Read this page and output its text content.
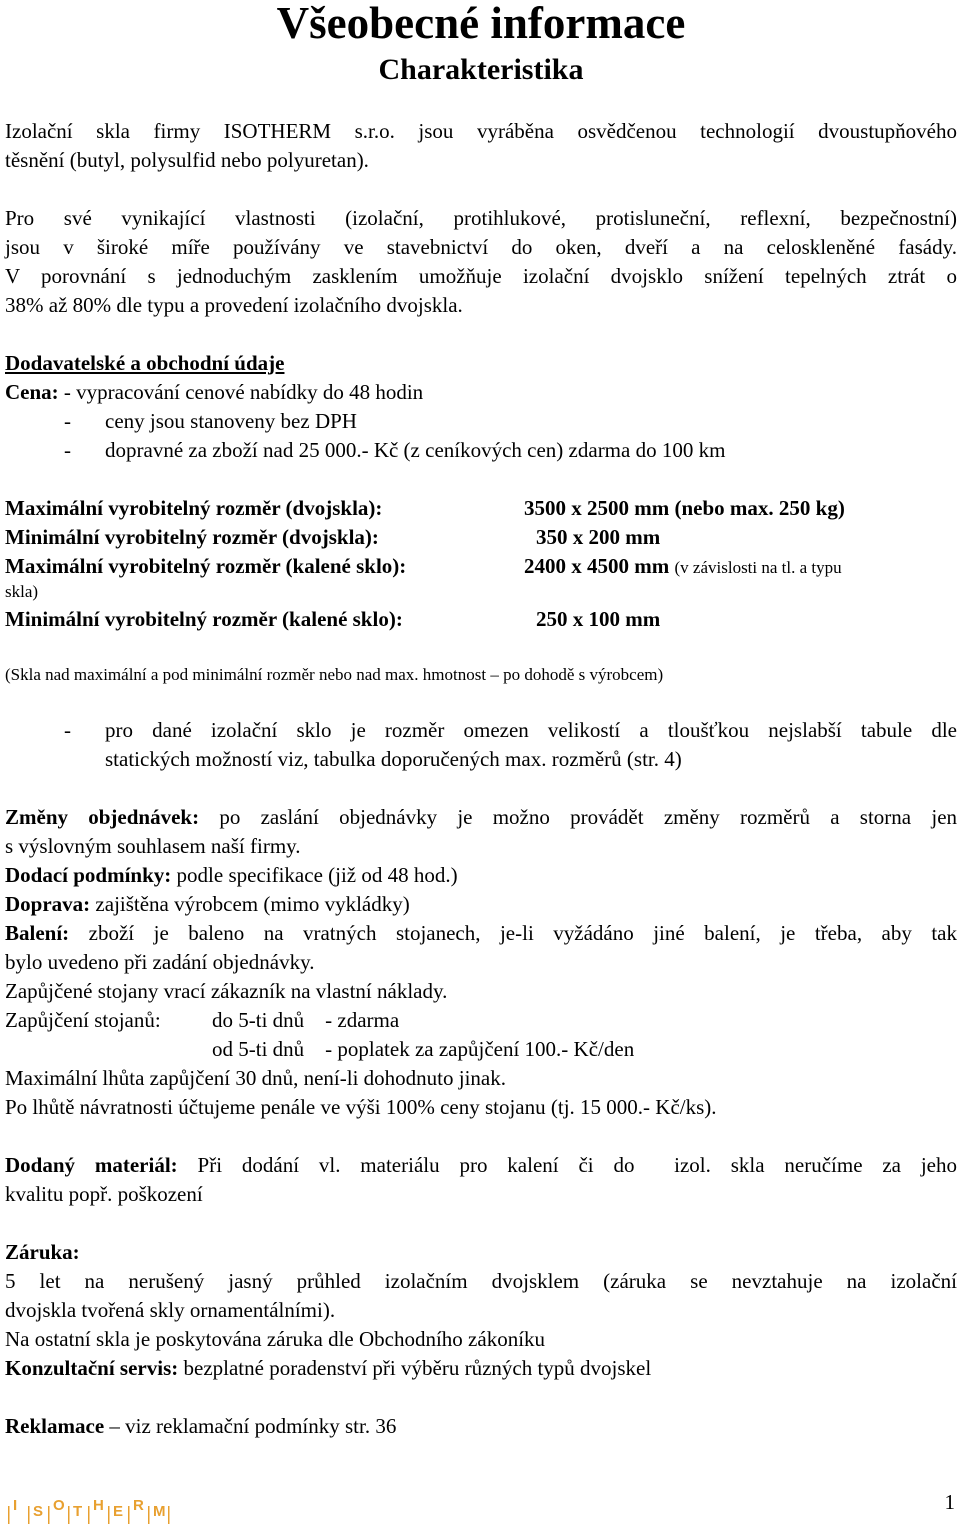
Všeobecné informace
Charakteristika
Izolační skla firmy ISOTHERM s.r.o. jsou vyráběna osvědčenou technologií dvoustupňového
těsnění (butyl, polysulfid nebo polyuretan).
Pro své vynikající vlastnosti (izolační, protihlukové, protisluneční, reflexní, bezpečnostní)
jsou v široké míře používány ve stavebnictví do oken, dveří a na celoskleněné fasády.
V porovnání s jednoduchým zasklením umožňuje izolační dvojsklo snížení tepelných ztrát o
38% až 80% dle typu a provedení izolačního dvojskla.
Dodavatelské a obchodní údaje
Cena: - vypracování cenové nabídky do 48 hodin
- ceny jsou stanoveny bez DPH
- dopravné za zboží nad 25 000.- Kč (z ceníkových cen) zdarma do 100 km
Maximální vyrobitelný rozměr (dvojskla):	3500 x 2500 mm (nebo max. 250 kg)
Minimální vyrobitelný rozměr (dvojskla):	350 x 200 mm
Maximální vyrobitelný rozměr (kalené sklo):	2400 x 4500 mm (v závislosti na tl. a typu
skla)
Minimální vyrobitelný rozměr (kalené sklo):	250 x 100 mm
(Skla nad maximální a pod minimální rozměr nebo nad max. hmotnost – po dohodě s výrobcem)
- pro dané izolační sklo je rozměr omezen velikostí a tloušťkou nejslabší tabule dle
statických možností viz, tabulka doporučených max. rozměrů (str. 4)
Změny objednávek: po zaslání objednávky je možno provádět změny rozměrů a storna jen
s výslovným souhlasem naší firmy.
Dodací podmínky: podle specifikace (již od 48 hod.)
Doprava: zajištěna výrobcem (mimo vykládky)
Balení: zboží je baleno na vratných stojanech, je-li vyžádáno jiné balení, je třeba, aby tak
bylo uvedeno při zadání objednávky.
Zapůjčené stojany vrací zákazník na vlastní náklady.
Zapůjčení stojanů: do 5-ti dnů    - zdarma
od 5-ti dnů    - poplatek za zapůjčení 100.- Kč/den
Maximální lhůta zapůjčení 30 dnů, není-li dohodnuto jinak.
Po lhůtě návratnosti účtujeme penále ve výši 100% ceny stojanu (tj. 15 000.- Kč/ks).
Dodaný materiál: Při dodání vl. materiálu pro kalení či do  izol. skla neručíme za jeho
kvalitu popř. poškození
Záruka:
5 let na nerušený jasný průhled izolačním dvojsklem (záruka se nevztahuje na izolační
dvojskla tvořená skly ornamentálními).
Na ostatní skla je poskytována záruka dle Obchodního zákoníku
Konzultační servis: bezplatné poradenství při výběru různých typů dvojskel
Reklamace – viz reklamační podmínky str. 36
I S O T H E R M	1
